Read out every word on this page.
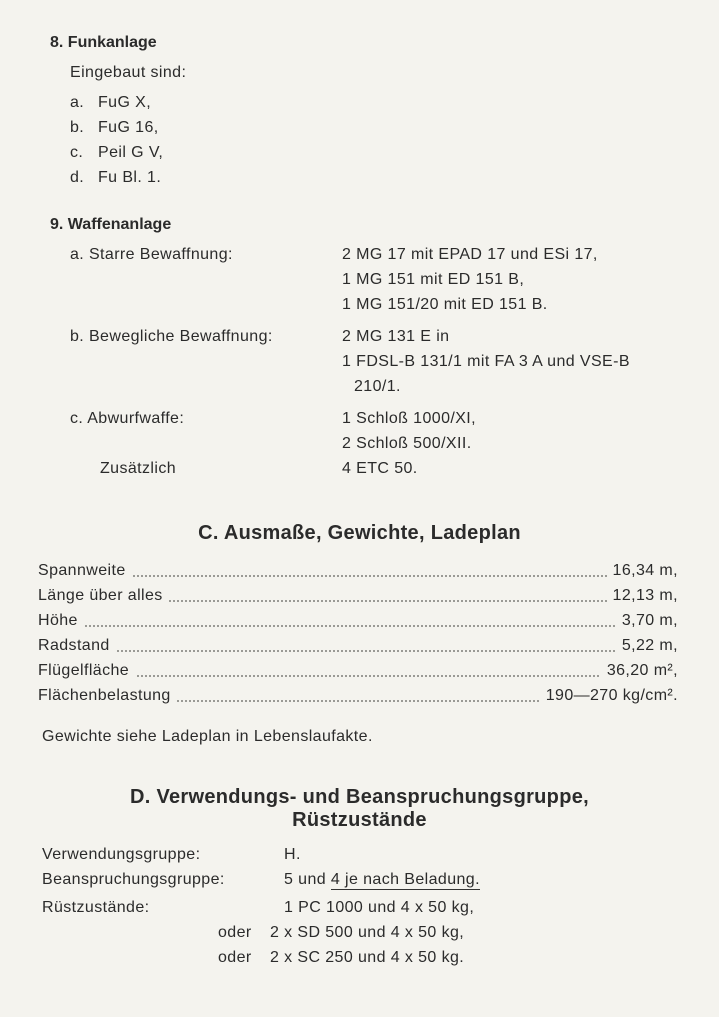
8. Funkanlage
Eingebaut sind:
a. FuG X,
b. FuG 16,
c. Peil G V,
d. Fu Bl. 1.
9. Waffenanlage
a. Starre Bewaffnung:	2 MG 17 mit EPAD 17 und ESi 17,
1 MG 151 mit ED 151 B,
1 MG 151/20 mit ED 151 B.
b. Bewegliche Bewaffnung:	2 MG 131 E in
1 FDSL-B 131/1 mit FA 3 A und VSE-B
210/1.
c. Abwurfwaffe:	1 Schloß 1000/XI,
2 Schloß 500/XII.
Zusätzlich	4 ETC 50.
C. Ausmaße, Gewichte, Ladeplan
Spannweite	16,34 m,
Länge über alles	12,13 m,
Höhe	3,70 m,
Radstand	5,22 m,
Flügelfläche	36,20 m²,
Flächenbelastung	190—270 kg/cm².
Gewichte siehe Ladeplan in Lebenslaufakte.
D. Verwendungs- und Beanspruchungsgruppe,
Rüstzustände
Verwendungsgruppe:	H.
Beanspruchungsgruppe:	5 und 4 je nach Beladung.
Rüstzustände:	1 PC 1000 und 4 x 50 kg,
oder 2 x SD 500 und 4 x 50 kg,
oder 2 x SC 250 und 4 x 50 kg.
